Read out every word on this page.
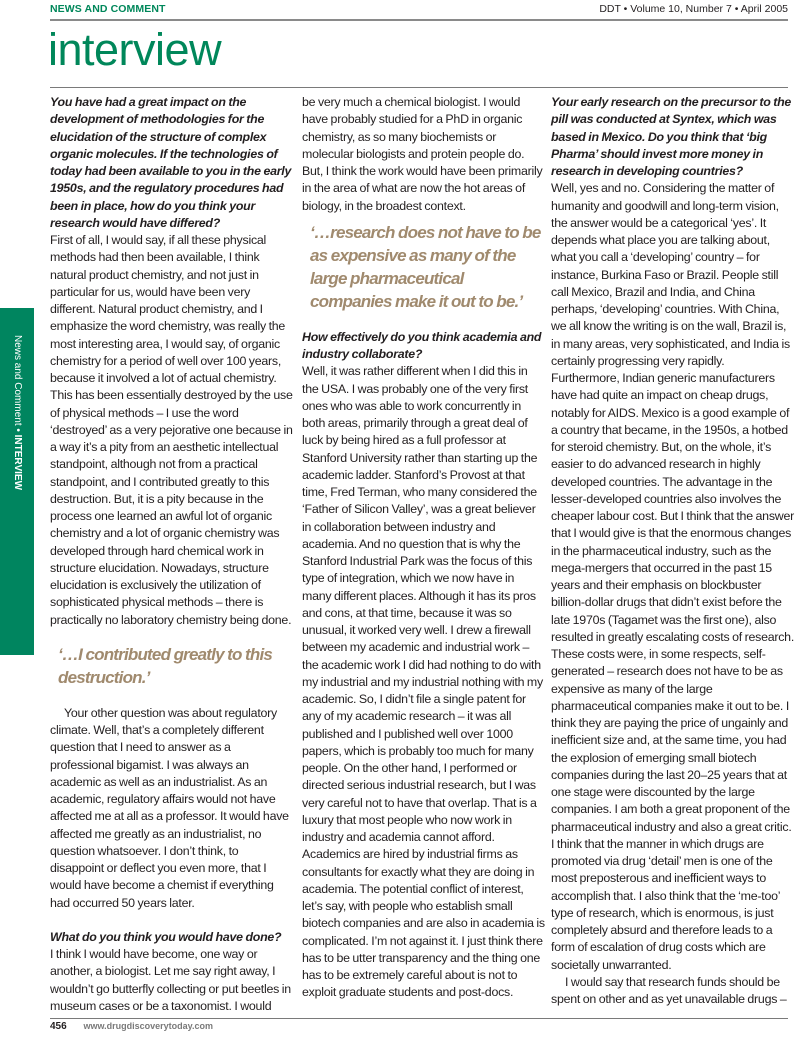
NEWS AND COMMENT	DDT • Volume 10, Number 7 • April 2005
interview
News and Comment • INTERVIEW

You have had a great impact on the development of methodologies for the elucidation of the structure of complex organic molecules. If the technologies of today had been available to you in the early 1950s, and the regulatory procedures had been in place, how do you think your research would have differed?

First of all, I would say, if all these physical methods had then been available, I think natural product chemistry, and not just in particular for us, would have been very different. Natural product chemistry, and I emphasize the word chemistry, was really the most interesting area, I would say, of organic chemistry for a period of well over 100 years, because it involved a lot of actual chemistry. This has been essentially destroyed by the use of physical methods – I use the word ‘destroyed’ as a very pejorative one because in a way it’s a pity from an aesthetic intellectual standpoint, although not from a practical standpoint, and I contributed greatly to this destruction. But, it is a pity because in the process one learned an awful lot of organic chemistry and a lot of organic chemistry was developed through hard chemical work in structure elucidation. Nowadays, structure elucidation is exclusively the utilization of sophisticated physical methods – there is practically no laboratory chemistry being done.

‘…I contributed greatly to this destruction.’

Your other question was about regulatory climate. Well, that’s a completely different question that I need to answer as a professional bigamist. I was always an academic as well as an industrialist. As an academic, regulatory affairs would not have affected me at all as a professor. It would have affected me greatly as an industrialist, no question whatsoever. I don’t think, to disappoint or deflect you even more, that I would have become a chemist if everything had occurred 50 years later.

What do you think you would have done?

I think I would have become, one way or another, a biologist. Let me say right away, I wouldn’t go butterfly collecting or put beetles in museum cases or be a taxonomist. I would

be very much a chemical biologist. I would have probably studied for a PhD in organic chemistry, as so many biochemists or molecular biologists and protein people do. But, I think the work would have been primarily in the area of what are now the hot areas of biology, in the broadest context.

‘…research does not have to be as expensive as many of the large pharmaceutical companies make it out to be.’

How effectively do you think academia and industry collaborate?

Well, it was rather different when I did this in the USA. I was probably one of the very first ones who was able to work concurrently in both areas, primarily through a great deal of luck by being hired as a full professor at Stanford University rather than starting up the academic ladder. Stanford’s Provost at that time, Fred Terman, who many considered the ‘Father of Silicon Valley’, was a great believer in collaboration between industry and academia. And no question that is why the Stanford Industrial Park was the focus of this type of integration, which we now have in many different places. Although it has its pros and cons, at that time, because it was so unusual, it worked very well. I drew a firewall between my academic and industrial work – the academic work I did had nothing to do with my industrial and my industrial nothing with my academic. So, I didn’t file a single patent for any of my academic research – it was all published and I published well over 1000 papers, which is probably too much for many people. On the other hand, I performed or directed serious industrial research, but I was very careful not to have that overlap. That is a luxury that most people who now work in industry and academia cannot afford. Academics are hired by industrial firms as consultants for exactly what they are doing in academia. The potential conflict of interest, let’s say, with people who establish small biotech companies and are also in academia is complicated. I’m not against it. I just think there has to be utter transparency and the thing one has to be extremely careful about is not to exploit graduate students and post-docs.

Your early research on the precursor to the pill was conducted at Syntex, which was based in Mexico. Do you think that ‘big Pharma’ should invest more money in research in developing countries?

Well, yes and no. Considering the matter of humanity and goodwill and long-term vision, the answer would be a categorical ‘yes’. It depends what place you are talking about, what you call a ‘developing’ country – for instance, Burkina Faso or Brazil. People still call Mexico, Brazil and India, and China perhaps, ‘developing’ countries. With China, we all know the writing is on the wall, Brazil is, in many areas, very sophisticated, and India is certainly progressing very rapidly. Furthermore, Indian generic manufacturers have had quite an impact on cheap drugs, notably for AIDS. Mexico is a good example of a country that became, in the 1950s, a hotbed for steroid chemistry. But, on the whole, it’s easier to do advanced research in highly developed countries. The advantage in the lesser-developed countries also involves the cheaper labour cost. But I think that the answer that I would give is that the enormous changes in the pharmaceutical industry, such as the mega-mergers that occurred in the past 15 years and their emphasis on blockbuster billion-dollar drugs that didn’t exist before the late 1970s (Tagamet was the first one), also resulted in greatly escalating costs of research. These costs were, in some respects, self-generated – research does not have to be as expensive as many of the large pharmaceutical companies make it out to be. I think they are paying the price of ungainly and inefficient size and, at the same time, you had the explosion of emerging small biotech companies during the last 20–25 years that at one stage were discounted by the large companies. I am both a great proponent of the pharmaceutical industry and also a great critic. I think that the manner in which drugs are promoted via drug ‘detail’ men is one of the most preposterous and inefficient ways to accomplish that. I also think that the ‘me-too’ type of research, which is enormous, is just completely absurd and therefore leads to a form of escalation of drug costs which are societally unwarranted.

I would say that research funds should be spent on other and as yet unavailable drugs –

456 www.drugdiscoverytoday.com
